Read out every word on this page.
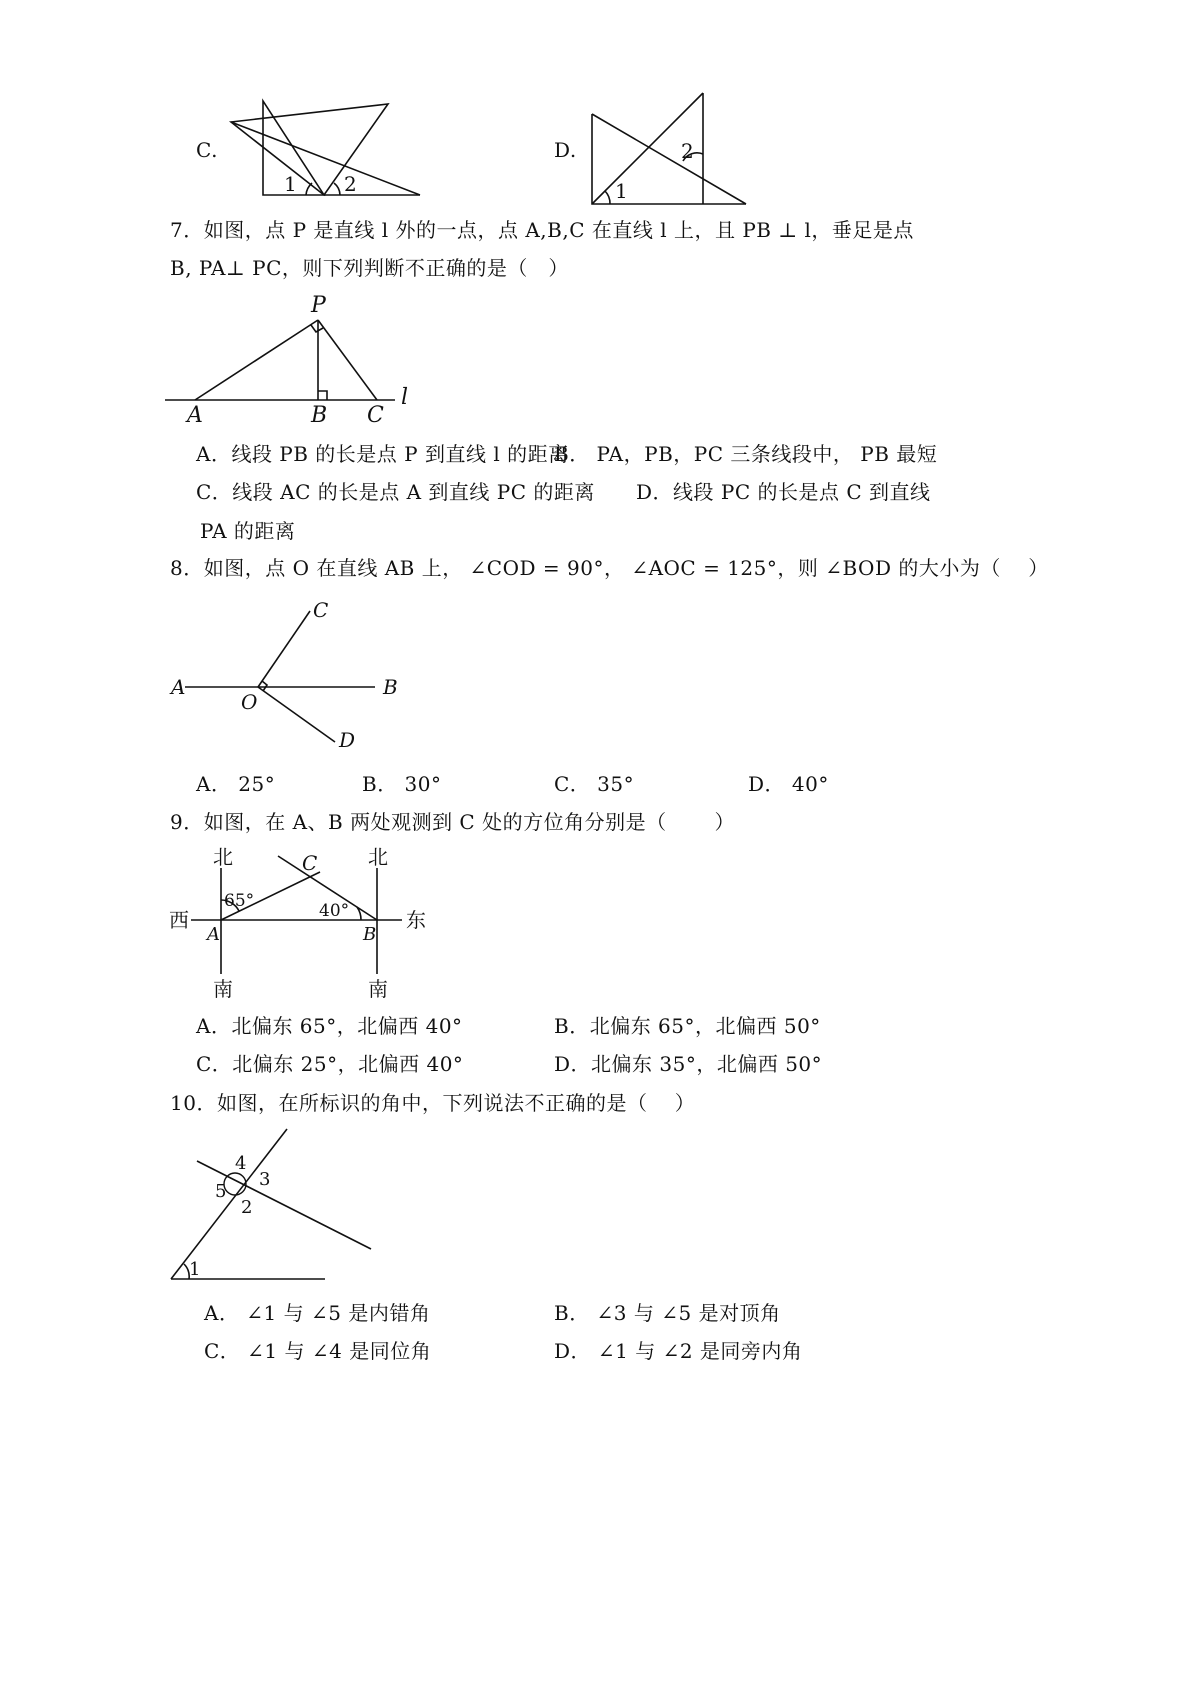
C.
1 2
D.
1
2
7．如图，点 P 是直线 l 外的一点，点 A,B,C 在直线 l 上，且 PB ⊥ l，垂足是点
B, PA⊥ PC，则下列判断不正确的是（　）
P
A	B C
l
A．线段 PB 的长是点 P 到直线 l 的距离
B． PA，PB，PC 三条线段中， PB 最短
C．线段 AC 的长是点 A 到直线 PC 的距离 D．线段 PC 的长是点 C 到直线
PA 的距离
8．如图，点 O 在直线 AB 上， ∠COD = 90°， ∠AOC = 125°，则 ∠BOD 的大小为（　 ）
A	B
C
D
O
A． 25°	B． 30°	C． 35°	D． 40°
9．如图，在 A、B 两处观测到 C 处的方位角分别是（　　 ）
北	北
南	南
西	东
A	B
C
65°	40°
A．北偏东 65°，北偏西 40°	B．北偏东 65°，北偏西 50°
C．北偏东 25°，北偏西 40°	D．北偏东 35°，北偏西 50°
10．如图，在所标识的角中，下列说法不正确的是（　 ）
1
2
3
4
5
A． ∠1 与 ∠5 是内错角	B． ∠3 与 ∠5 是对顶角
C． ∠1 与 ∠4 是同位角	D． ∠1 与 ∠2 是同旁内角
